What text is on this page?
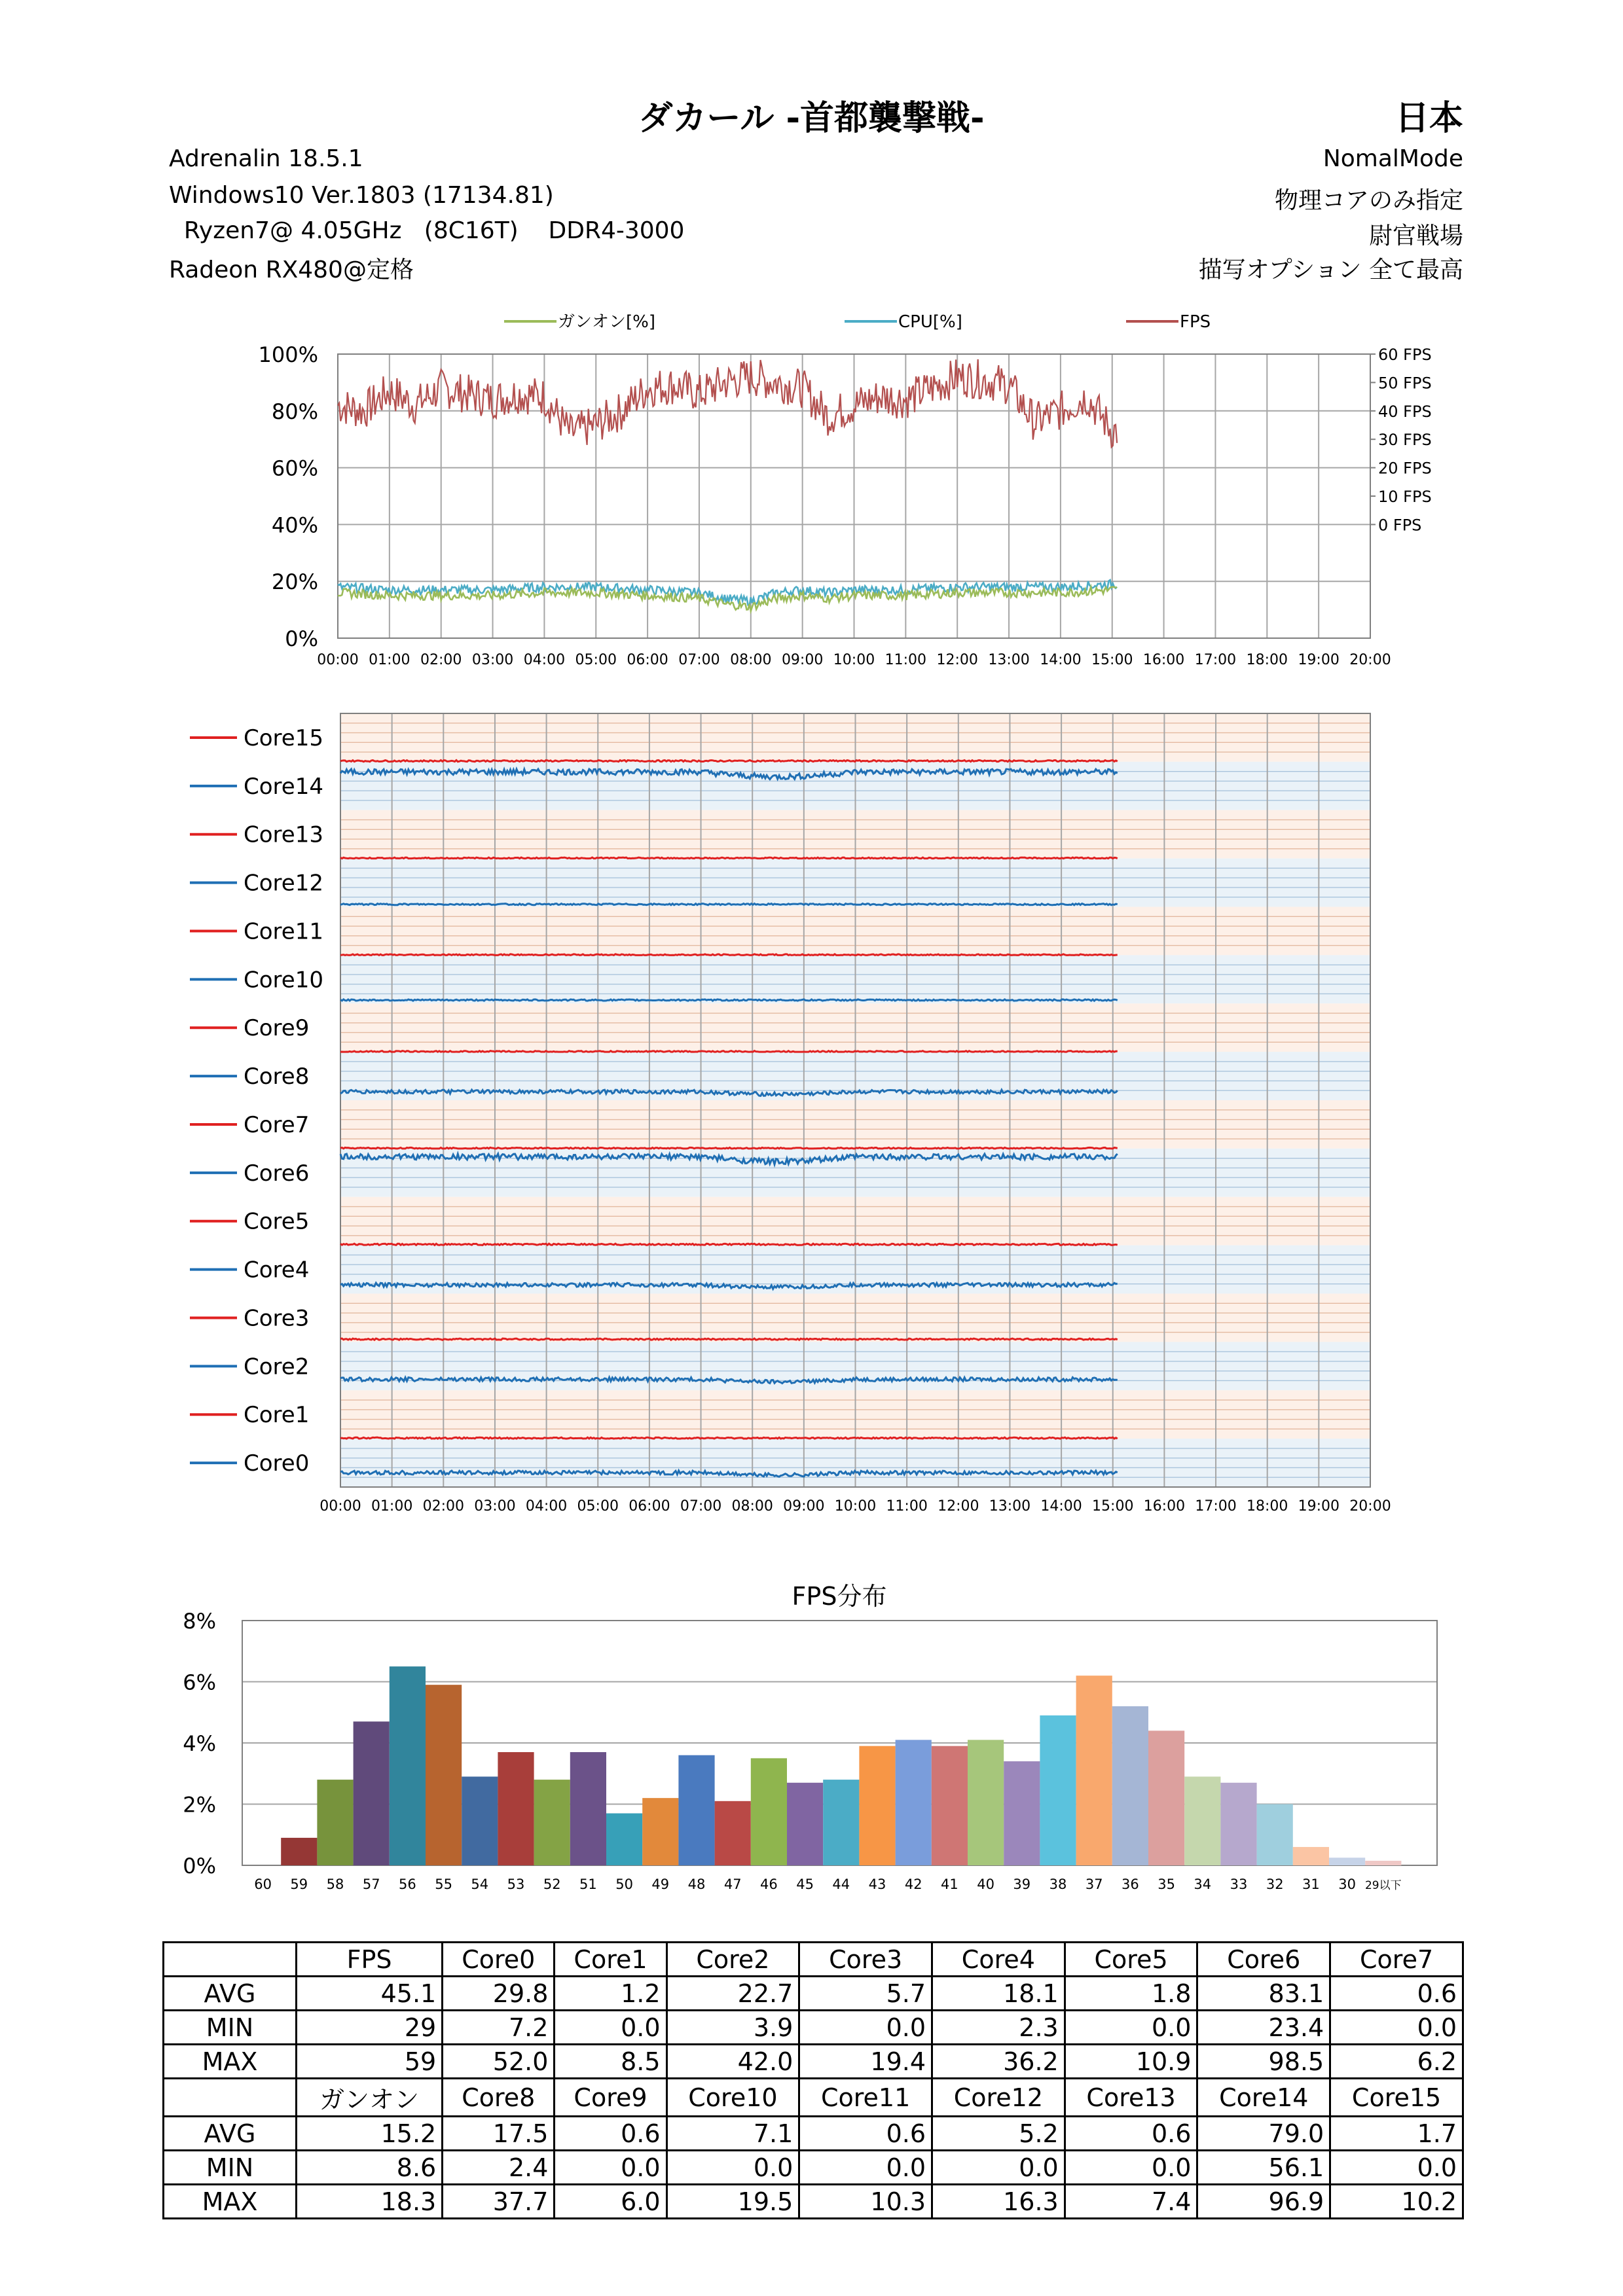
ダカール -首都襲撃戦-	日本
Adrenalin 18.5.1
Windows10 Ver.1803 (17134.81)
Ryzen7@ 4.05GHz   (8C16T)    DDR4-3000
Radeon RX480@定格
NomalMode
物理コアのみ指定
尉官戦場
描写オプション 全て最高
ガンオン[%]	CPU[%]	FPS
100%
80%
60%
40%
20%
0%
60 FPS
50 FPS
40 FPS
30 FPS
20 FPS
10 FPS
0 FPS
00:00 01:00 02:00 03:00 04:00 05:00 06:00 07:00 08:00 09:00 10:00 11:00 12:00 13:00 14:00 15:00 16:00 17:00 18:00 19:00 20:00
Core15
Core14
Core13
Core12
Core11
Core10
Core9
Core8
Core7
Core6
Core5
Core4
Core3
Core2
Core1
Core0
00:00 01:00 02:00 03:00 04:00 05:00 06:00 07:00 08:00 09:00 10:00 11:00 12:00 13:00 14:00 15:00 16:00 17:00 18:00 19:00 20:00
FPS分布
8%
6%
4%
2%
0%
60 59 58 57 56 55 54 53 52 51 50 49 48 47 46 45 44 43 42 41 40 39 38 37 36 35 34 33 32 31 30 29以下
	FPS	Core0	Core1	Core2	Core3	Core4	Core5	Core6	Core7
AVG	45.1	29.8	1.2	22.7	5.7	18.1	1.8	83.1	0.6
MIN	29	7.2	0.0	3.9	0.0	2.3	0.0	23.4	0.0
MAX	59	52.0	8.5	42.0	19.4	36.2	10.9	98.5	6.2
	ガンオン	Core8	Core9	Core10	Core11	Core12	Core13	Core14	Core15
AVG	15.2	17.5	0.6	7.1	0.6	5.2	0.6	79.0	1.7
MIN	8.6	2.4	0.0	0.0	0.0	0.0	0.0	56.1	0.0
MAX	18.3	37.7	6.0	19.5	10.3	16.3	7.4	96.9	10.2
